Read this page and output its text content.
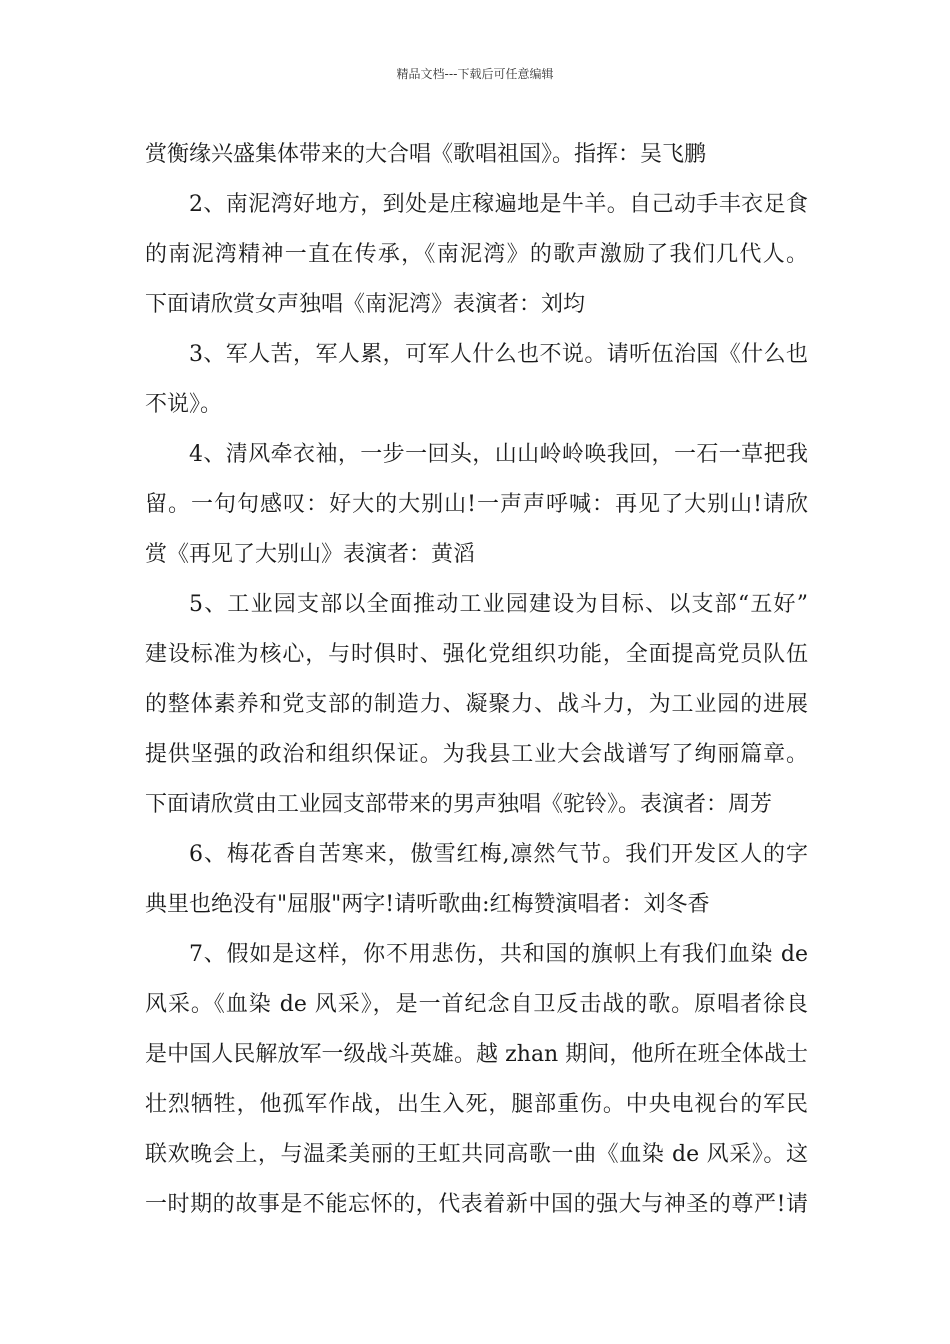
精品文档---下载后可任意编辑
赏衡缘兴盛集体带来的大合唱《歌唱祖国》。指挥：吴飞鹏
2、南泥湾好地方，到处是庄稼遍地是牛羊。自己动手丰衣足食
的南泥湾精神一直在传承，《南泥湾》的歌声激励了我们几代人。
下面请欣赏女声独唱《南泥湾》表演者：刘均
3、军人苦，军人累，可军人什么也不说。请听伍治国《什么也
不说》。
4、清风牵衣袖，一步一回头，山山岭岭唤我回，一石一草把我
留。一句句感叹：好大的大别山!一声声呼喊：再见了大别山!请欣
赏《再见了大别山》表演者：黄滔
5、工业园支部以全面推动工业园建设为目标、以支部“五好”
建设标准为核心，与时俱时、强化党组织功能，全面提高党员队伍
的整体素养和党支部的制造力、凝聚力、战斗力，为工业园的进展
提供坚强的政治和组织保证。为我县工业大会战谱写了绚丽篇章。
下面请欣赏由工业园支部带来的男声独唱《驼铃》。表演者：周芳
6、梅花香自苦寒来，傲雪红梅,凛然气节。我们开发区人的字
典里也绝没有"屈服"两字!请听歌曲:红梅赞演唱者：刘冬香
7、假如是这样，你不用悲伤，共和国的旗帜上有我们血染 de
风采。《血染 de 风采》，是一首纪念自卫反击战的歌。原唱者徐良
是中国人民解放军一级战斗英雄。越 zhan 期间，他所在班全体战士
壮烈牺牲，他孤军作战，出生入死，腿部重伤。中央电视台的军民
联欢晚会上，与温柔美丽的王虹共同高歌一曲《血染 de 风采》。这
一时期的故事是不能忘怀的，代表着新中国的强大与神圣的尊严!请
